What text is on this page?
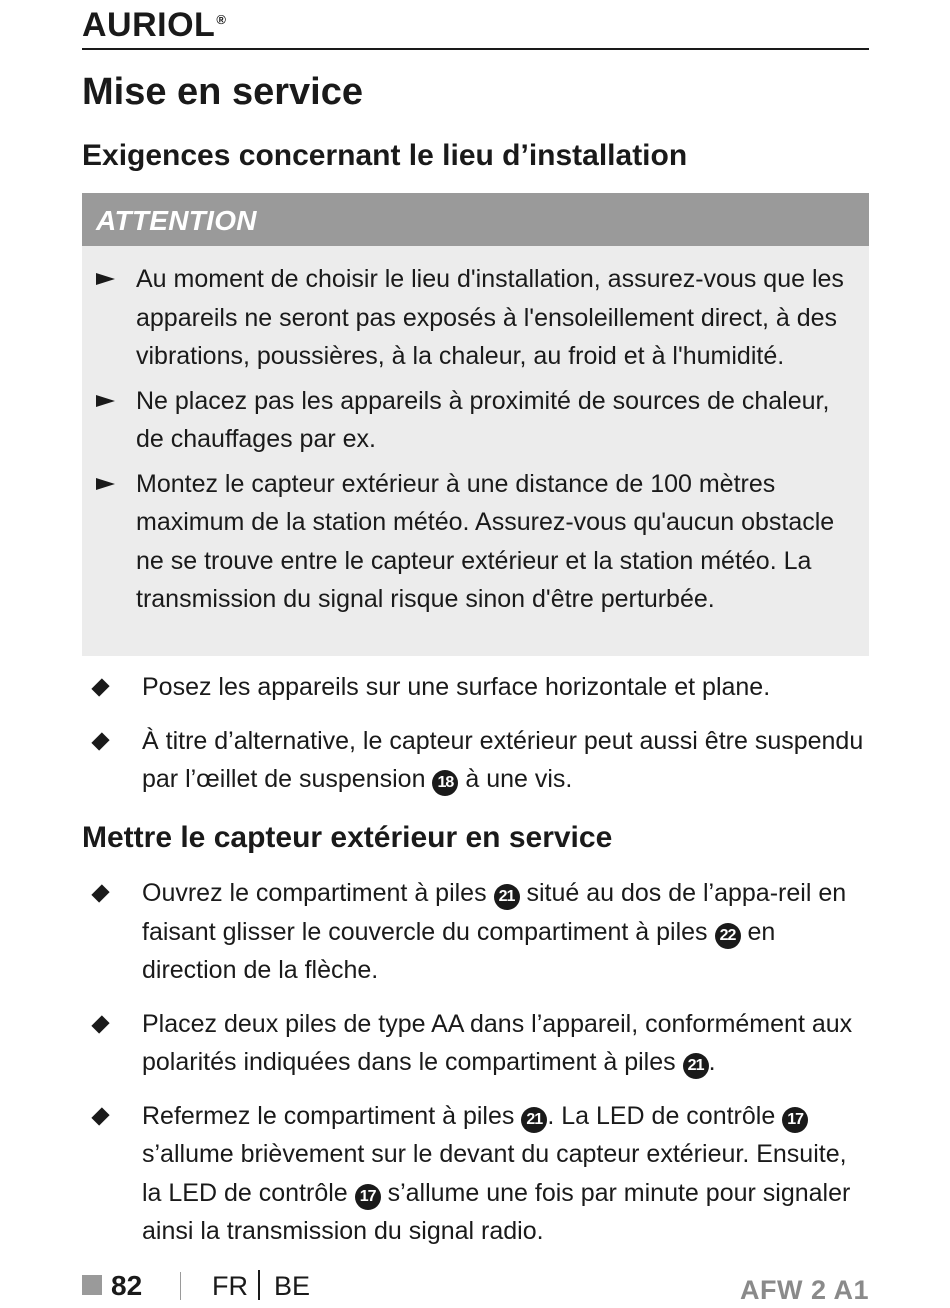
AURIOL®
Mise en service
Exigences concernant le lieu d’installation
ATTENTION
Au moment de choisir le lieu d'installation, assurez-vous que les appareils ne seront pas exposés à l'ensoleillement direct, à des vibrations, poussières, à la chaleur, au froid et à l'humidité.
Ne placez pas les appareils à proximité de sources de chaleur, de chauffages par ex.
Montez le capteur extérieur à une distance de 100 mètres maximum de la station météo. Assurez-vous qu'aucun obstacle ne se trouve entre le capteur extérieur et la station météo. La transmission du signal risque sinon d'être perturbée.
Posez les appareils sur une surface horizontale et plane.
À titre d’alternative, le capteur extérieur peut aussi être suspendu par l’œillet de suspension 18 à une vis.
Mettre le capteur extérieur en service
Ouvrez le compartiment à piles 21 situé au dos de l’appa-reil en faisant glisser le couvercle du compartiment à piles 22 en direction de la flèche.
Placez deux piles de type AA dans l’appareil, conformément aux polarités indiquées dans le compartiment à piles 21 .
Refermez le compartiment à piles 21 . La LED de contrôle 17 s’allume brièvement sur le devant du capteur extérieur. Ensuite, la LED de contrôle 17 s’allume une fois par minute pour signaler ainsi la transmission du signal radio.
82	FR BE	AFW 2 A1
